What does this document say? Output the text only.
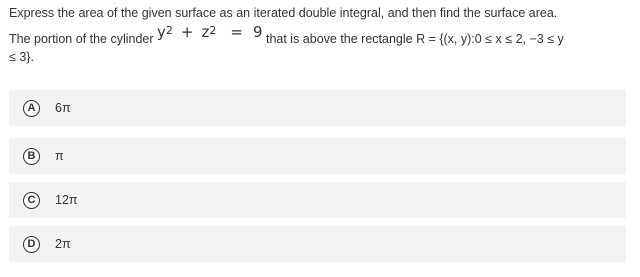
Express the area of the given surface as an iterated double integral, and then find the surface area.
The portion of the cylinder $y^2 + z^2 = 9$ that is above the rectangle R = {(x, y):0 ≤ x ≤ 2, −3 ≤ y
≤ 3}.
A	6π
B	π
C	12π
D	2π
